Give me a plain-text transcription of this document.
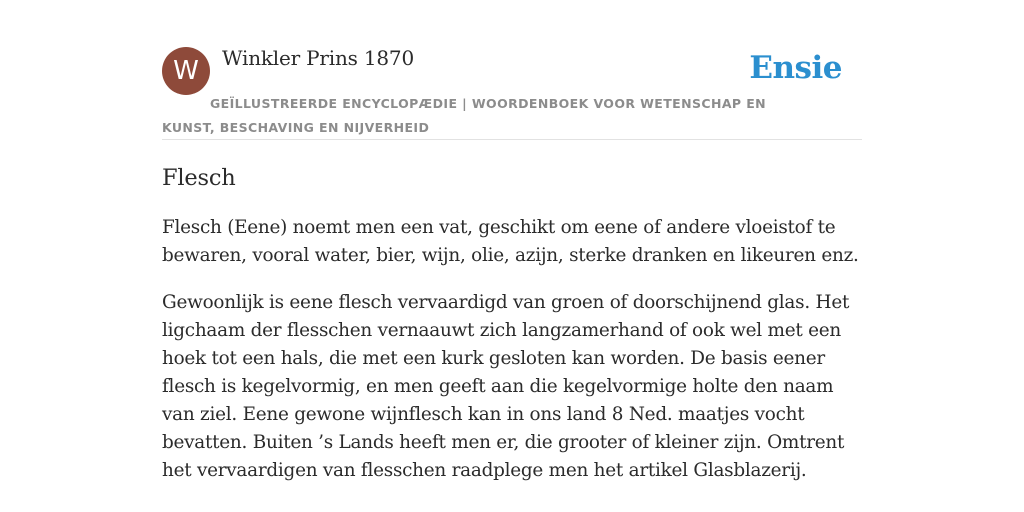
W	Winkler Prins 1870	Ensie
GEÏLLUSTREERDE ENCYCLOPÆDIE | WOORDENBOEK VOOR WETENSCHAP EN KUNST, BESCHAVING EN NIJVERHEID
Flesch

Flesch (Eene) noemt men een vat, geschikt om eene of andere vloeistof te bewaren, vooral water, bier, wijn, olie, azijn, sterke dranken en likeuren enz.

Gewoonlijk is eene flesch vervaardigd van groen of doorschijnend glas. Het ligchaam der flesschen vernaauwt zich langzamerhand of ook wel met een hoek tot een hals, die met een kurk gesloten kan worden. De basis eener flesch is kegelvormig, en men geeft aan die kegelvormige holte den naam van ziel. Eene gewone wijnflesch kan in ons land 8 Ned. maatjes vocht bevatten. Buiten ’s Lands heeft men er, die grooter of kleiner zijn. Omtrent het vervaardigen van flesschen raadplege men het artikel Glasblazerij.
